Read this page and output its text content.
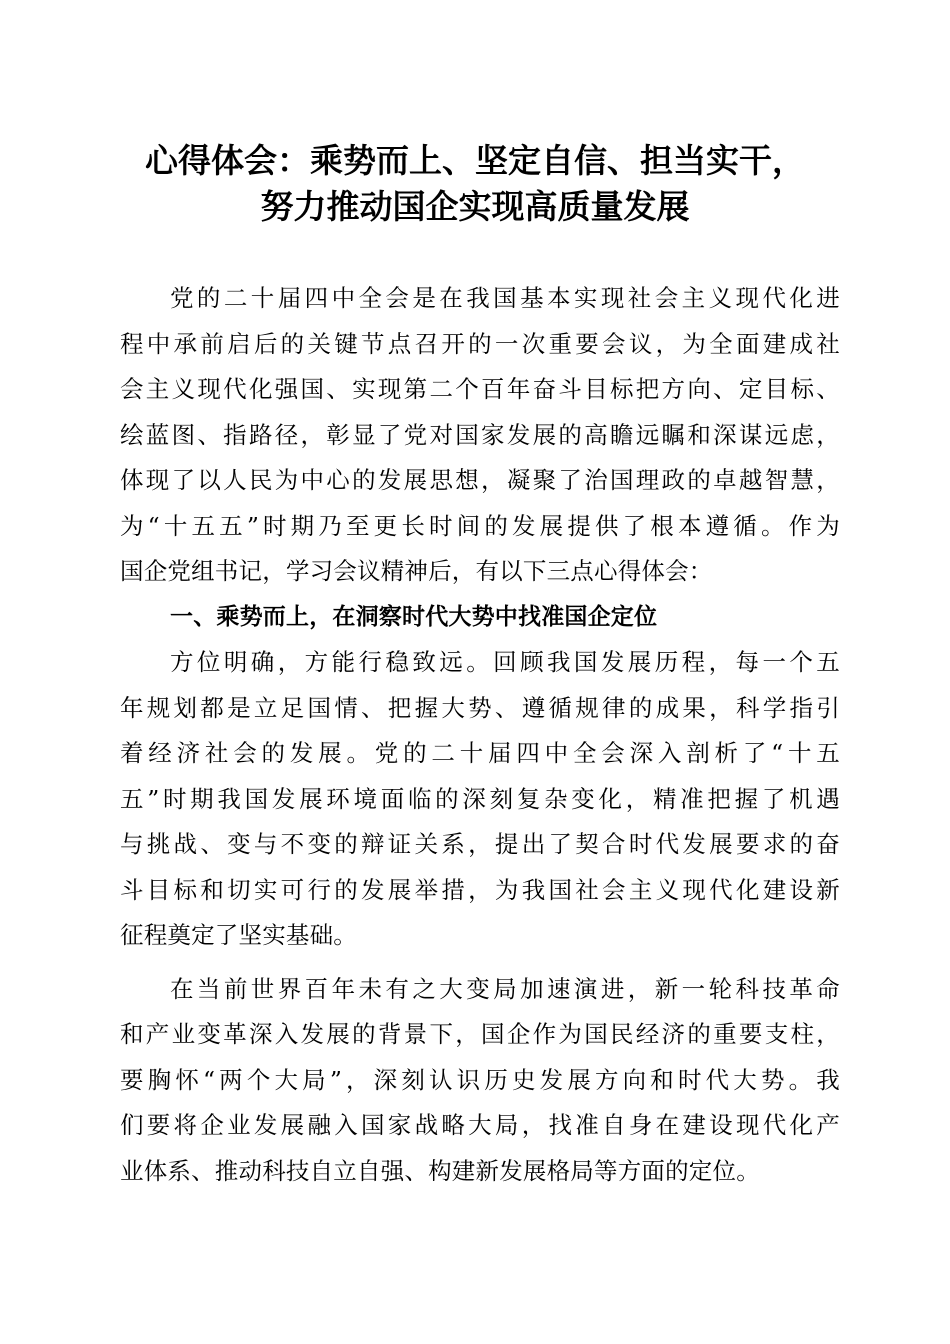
心得体会：乘势而上、坚定自信、担当实干，
努力推动国企实现高质量发展
党的二十届四中全会是在我国基本实现社会主义现代化进
程中承前启后的关键节点召开的一次重要会议，为全面建成社
会主义现代化强国、实现第二个百年奋斗目标把方向、定目标、
绘蓝图、指路径，彰显了党对国家发展的高瞻远瞩和深谋远虑，
体现了以人民为中心的发展思想，凝聚了治国理政的卓越智慧，
为“十五五”时期乃至更长时间的发展提供了根本遵循。作为
国企党组书记，学习会议精神后，有以下三点心得体会：
一、乘势而上，在洞察时代大势中找准国企定位
方位明确，方能行稳致远。回顾我国发展历程，每一个五
年规划都是立足国情、把握大势、遵循规律的成果，科学指引
着经济社会的发展。党的二十届四中全会深入剖析了“十五
五”时期我国发展环境面临的深刻复杂变化，精准把握了机遇
与挑战、变与不变的辩证关系，提出了契合时代发展要求的奋
斗目标和切实可行的发展举措，为我国社会主义现代化建设新
征程奠定了坚实基础。
在当前世界百年未有之大变局加速演进，新一轮科技革命
和产业变革深入发展的背景下，国企作为国民经济的重要支柱，
要胸怀“两个大局”，深刻认识历史发展方向和时代大势。我
们要将企业发展融入国家战略大局，找准自身在建设现代化产
业体系、推动科技自立自强、构建新发展格局等方面的定位。
